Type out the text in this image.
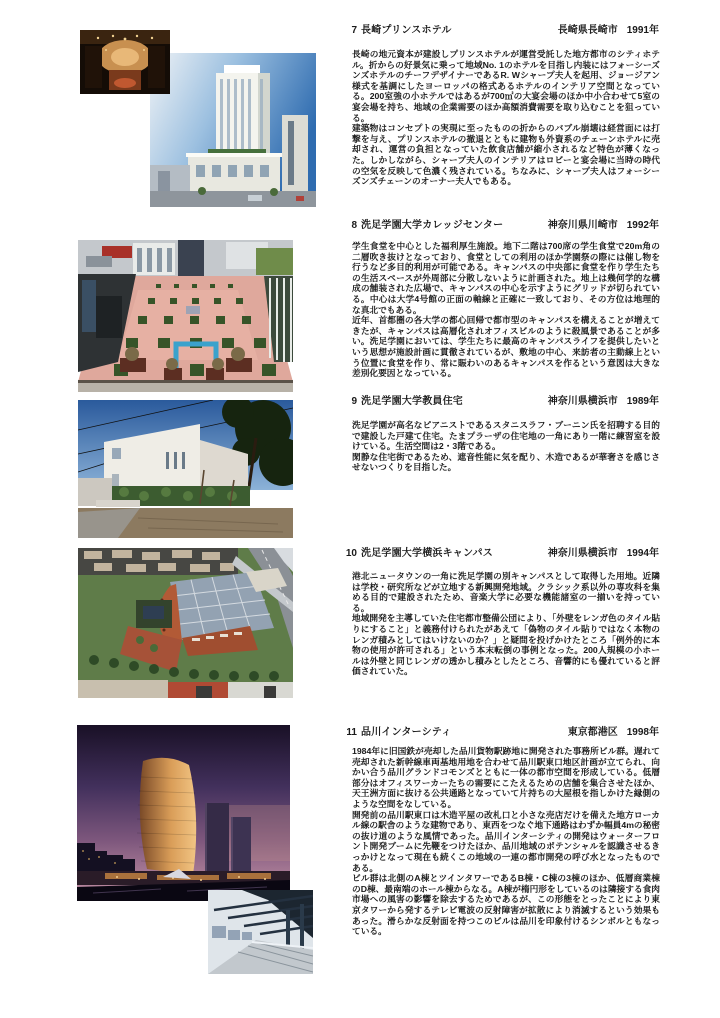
7 長崎プリンスホテル	長崎県長崎市 1991年

長崎の地元資本が建設しプリンスホテルが運営受託した地方都市のシティホテル。折からの好景気に乗って地域No. 1のホテルを目指し内装にはフォーシーズンズホテルのチーフデザイナーであるR. Wシャープ夫人を起用、ジョージアン様式を基調にしたヨーロッパの格式あるホテルのインテリア空間となっている。200室強の小ホテルではあるが700㎡の大宴会場のほか中小合わせて5室の宴会場を持ち、地域の企業需要のほか高額消費需要を取り込むことを狙っている。

建築物はコンセプトの実現に至ったものの折からのバブル崩壊は経営面には打撃を与え、プリンスホテルの撤退とともに建物も外資系のチェーンホテルに売却され、運営の負担となっていた飲食店舗が縮小されるなど特色が薄くなった。しかしながら、シャープ夫人のインテリアはロビーと宴会場に当時の時代の空気を反映して色濃く残されている。ちなみに、シャープ夫人はフォーシーズンズチェーンのオーナー夫人でもある。

8 洗足学園大学カレッジセンター	神奈川県川崎市 1992年

学生食堂を中心とした福利厚生施設。地下二階は700席の学生食堂で20m角の二層吹き抜けとなっており、食堂としての利用のほか学園祭の際には催し物を行うなど多目的利用が可能である。キャンパスの中央部に食堂を作り学生たちの生活スペースが外周部に分散しないように計画された。地上は幾何学的な構成の舗装された広場で、キャンパスの中心を示すようにグリッドが切られている。中心は大学4号館の正面の軸線と正確に一致しており、その方位は地理的な真北でもある。

近年、首都圏の各大学の都心回帰で都市型のキャンパスを構えることが増えてきたが、キャンパスは高層化されオフィスビルのように殺風景であることが多い。洗足学園においては、学生たちに最高のキャンパスライフを提供したいという思想が施設計画に貫徹されているが、敷地の中心、来訪者の主動線上という位置に食堂を作り、常に賑わいのあるキャンパスを作るという意図は大きな差別化要因となっている。

9 洗足学園大学教員住宅	神奈川県横浜市 1989年

洗足学園が高名なピアニストであるスタニスラフ・ブーニン氏を招聘する目的で建設した戸建て住宅。たまプラーザの住宅地の一角にあり一階に練習室を設けている。生活空間は2・3階である。

閑静な住宅街であるため、遮音性能に気を配り、木造であるが華奢さを感じさせないつくりを目指した。

10 洗足学園大学横浜キャンパス	神奈川県横浜市 1994年

港北ニュータウンの一角に洗足学園の別キャンパスとして取得した用地。近隣は学校・研究所などが立地する新興開発地域。クラシック系以外の専攻科を集める目的で建設されたため、音楽大学に必要な機能諸室の一揃いを持っている。

地域開発を主導していた住宅都市整備公団により、「外壁をレンガ色のタイル貼りにすること」と義務付けられたがあえて「偽物のタイル貼りではなく本物のレンガ積みとしてはいけないのか？」と疑問を投げかけたところ「例外的に本物の使用が許可される」という本末転倒の事例となった。200人規模の小ホールは外壁と同じレンガの透かし積みとしたところ、音響的にも優れていると評価されていた。

11 品川インターシティ	東京都港区 1998年

1984年に旧国鉄が売却した品川貨物駅跡地に開発された事務所ビル群。遅れて売却された新幹線車両基地用地を合わせて品川駅東口地区計画が立てられ、向かい合う品川グランドコモンズとともに一体の都市空間を形成している。低層部分はオフィスワーカーたちの需要にこたえるための店舗を集合させたほか、天王洲方面に抜ける公共通路となっていて片持ちの大屋根を指しかけた縁側のような空間をなしている。

開発前の品川駅東口は木造平屋の改札口と小さな売店だけを備えた地方ローカル線の駅舎のような建物であり、東西をつなぐ地下通路はわずか幅員4mの秘密の抜け道のような風情であった。品川インターシティの開発はウォーターフロント開発ブームに先鞭をつけたほか、品川地域のポテンシャルを認識させるきっかけとなって現在も続くこの地域の一連の都市開発の呼び水となったものである。

ビル群は北側のA棟とツインタワーであるB棟・C棟の3棟のほか、低層商業棟のD棟、最南端のホール棟からなる。A棟が楕円形をしているのは隣接する食肉市場への風害の影響を除去するためであるが、この形態をとったことにより東京タワーから発するテレビ電波の反射障害が拡散により消滅するという効果もあった。滑らかな反射面を持つこのビルは品川を印象付けるシンボルともなっている。
